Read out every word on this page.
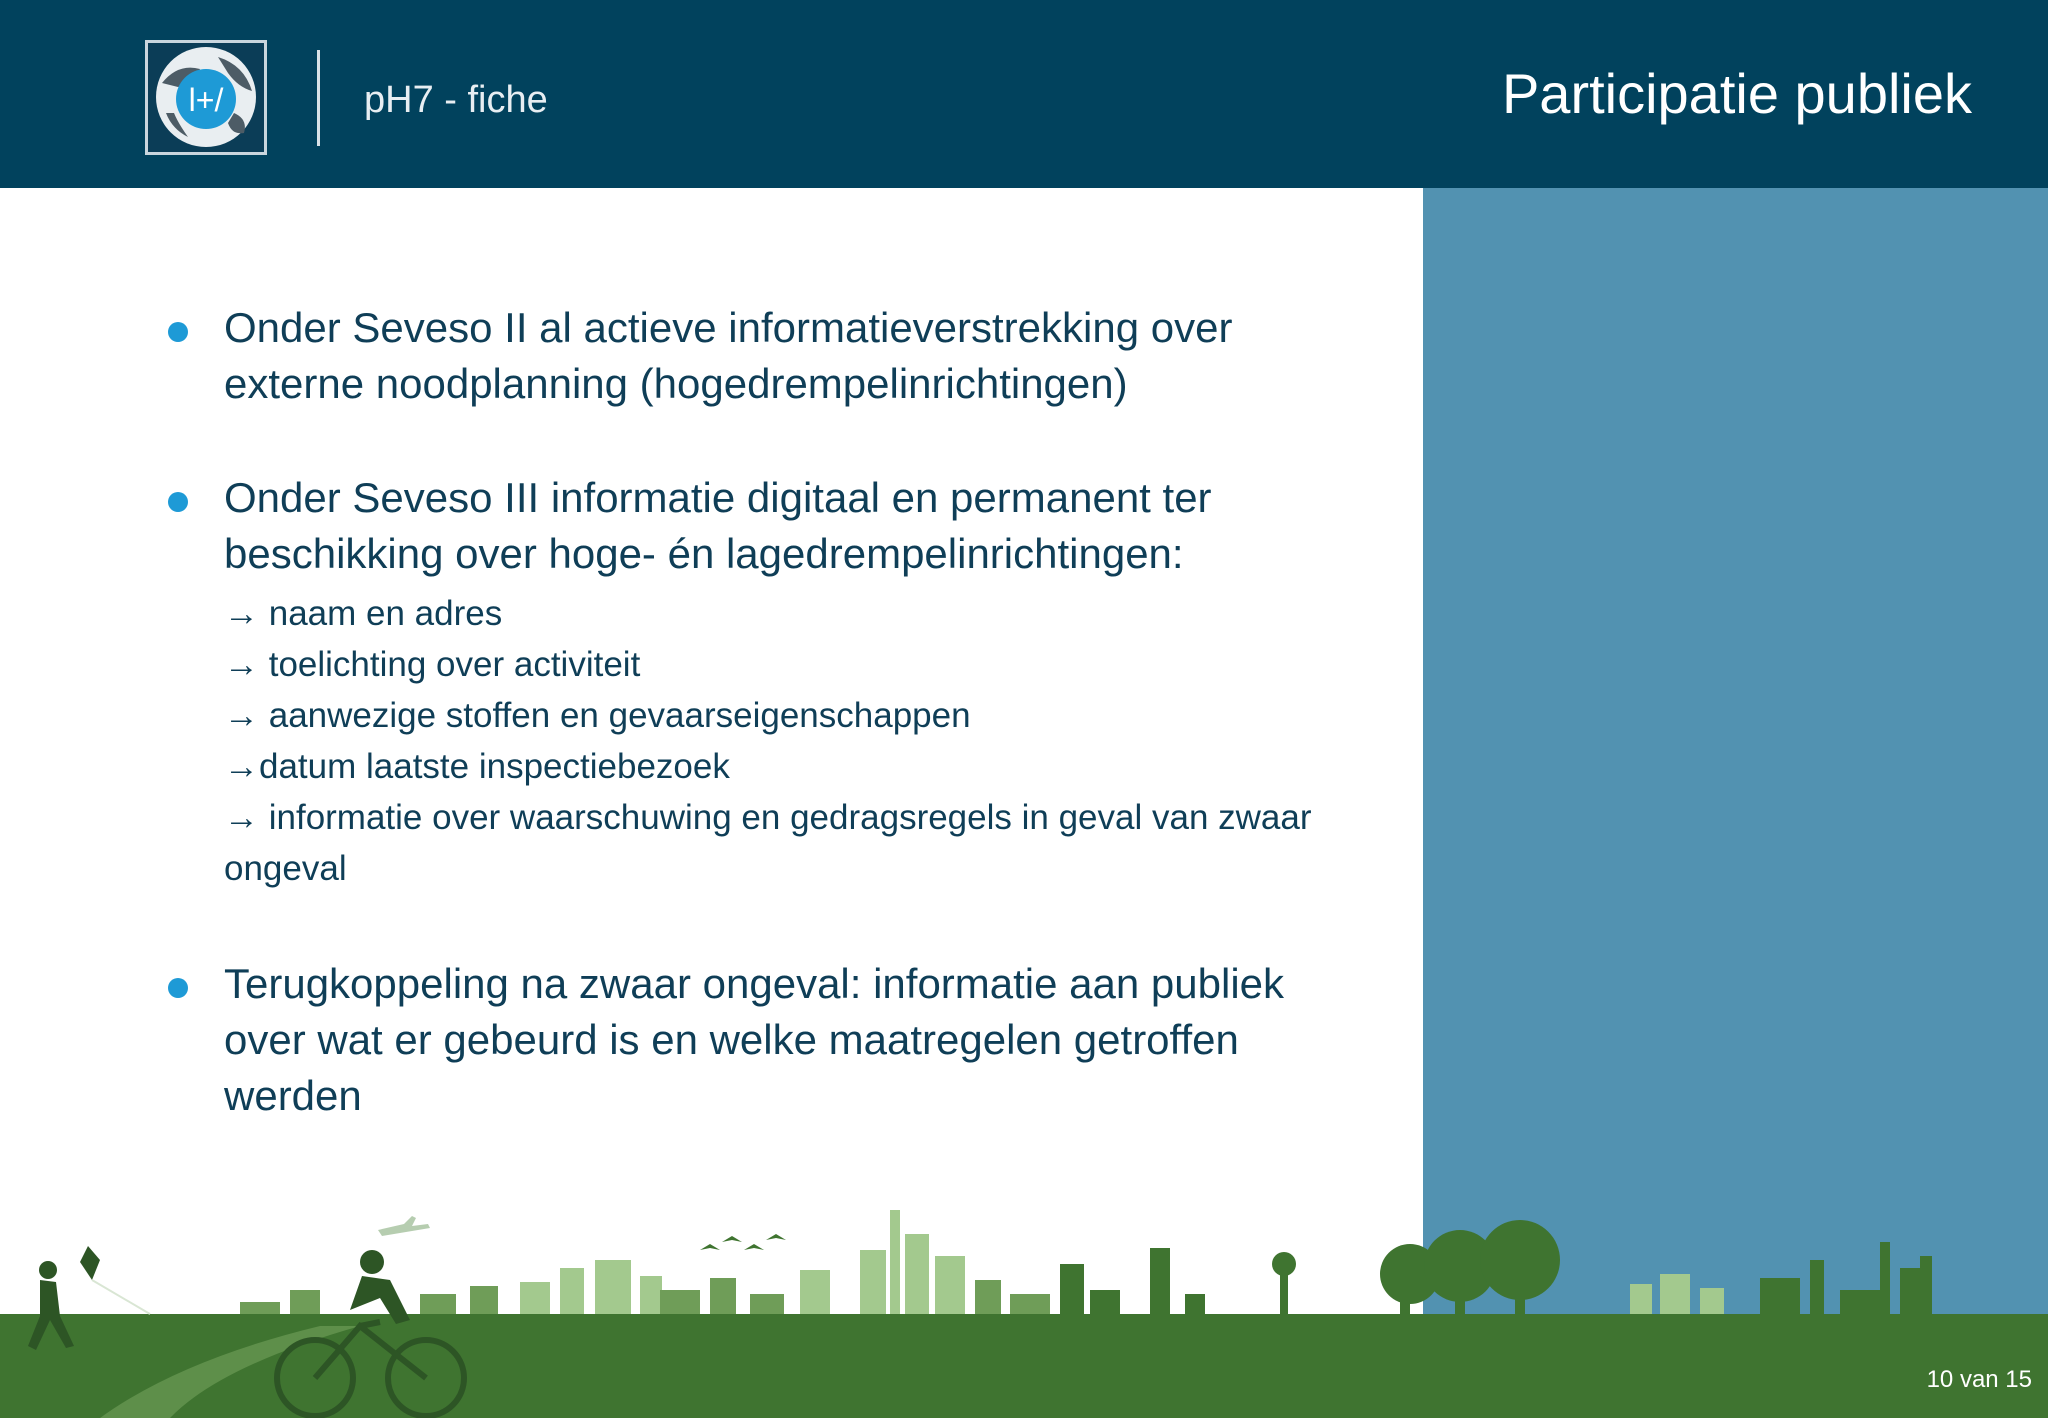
l+/	pH7 - fiche	Participatie publiek
Onder Seveso II al actieve informatieverstrekking over externe noodplanning (hogedrempelinrichtingen)
Onder Seveso III informatie digitaal en permanent ter beschikking over hoge- én lagedrempelinrichtingen:
→ naam en adres
→ toelichting over activiteit
→ aanwezige stoffen en gevaarseigenschappen
→datum laatste inspectiebezoek
→ informatie over waarschuwing en gedragsregels in geval van zwaar ongeval
Terugkoppeling na zwaar ongeval: informatie aan publiek over wat er gebeurd is en welke maatregelen getroffen werden
10 van 15
